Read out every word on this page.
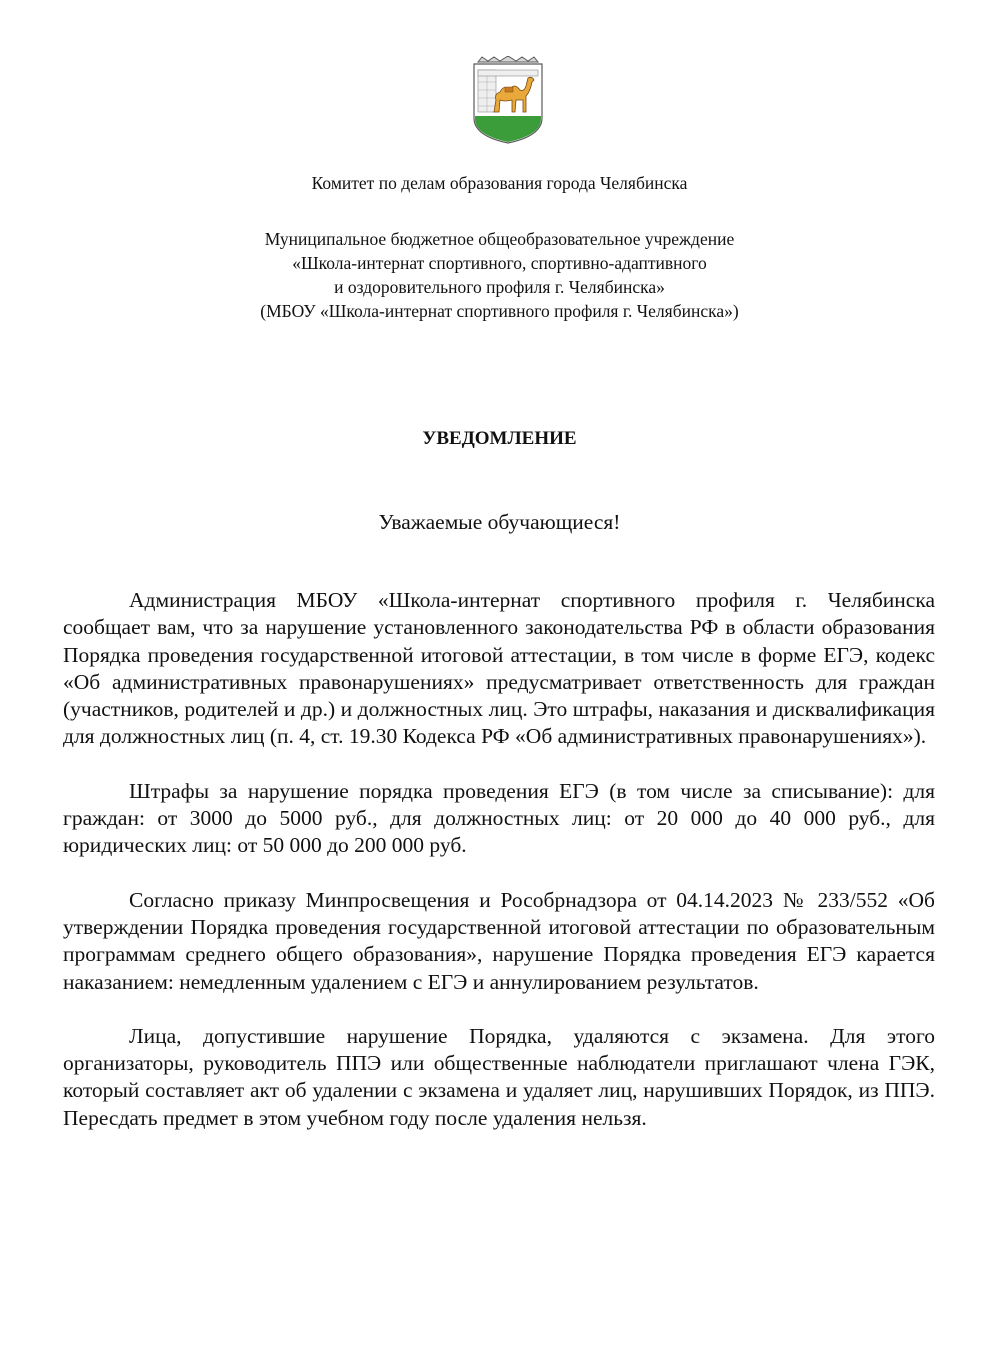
Комитет по делам образования города Челябинска
Муниципальное бюджетное общеобразовательное учреждение
«Школа-интернат спортивного, спортивно-адаптивного
и оздоровительного профиля г. Челябинска»
(МБОУ «Школа-интернат спортивного профиля г. Челябинска»)
УВЕДОМЛЕНИЕ
Уважаемые обучающиеся!

Администрация МБОУ «Школа-интернат спортивного профиля г. Челябинска сообщает вам, что за нарушение установленного законодательства РФ в области образования Порядка проведения государственной итоговой аттестации, в том числе в форме ЕГЭ, кодекс «Об административных правонарушениях» предусматривает ответственность для граждан (участников, родителей и др.) и должностных лиц. Это штрафы, наказания и дисквалификация для должностных лиц (п. 4, ст. 19.30 Кодекса РФ «Об административных правонарушениях»).

Штрафы за нарушение порядка проведения ЕГЭ (в том числе за списывание): для граждан: от 3000 до 5000 руб., для должностных лиц: от 20 000 до 40 000 руб., для юридических лиц: от 50 000 до 200 000 руб.

Согласно приказу Минпросвещения и Рособрнадзора от 04.14.2023 № 233/552 «Об утверждении Порядка проведения государственной итоговой аттестации по образовательным программам среднего общего образования», нарушение Порядка проведения ЕГЭ карается наказанием: немедленным удалением с ЕГЭ и аннулированием результатов.

Лица, допустившие нарушение Порядка, удаляются с экзамена. Для этого организаторы, руководитель ППЭ или общественные наблюдатели приглашают члена ГЭК, который составляет акт об удалении с экзамена и удаляет лиц, нарушивших Порядок, из ППЭ. Пересдать предмет в этом учебном году после удаления нельзя.
